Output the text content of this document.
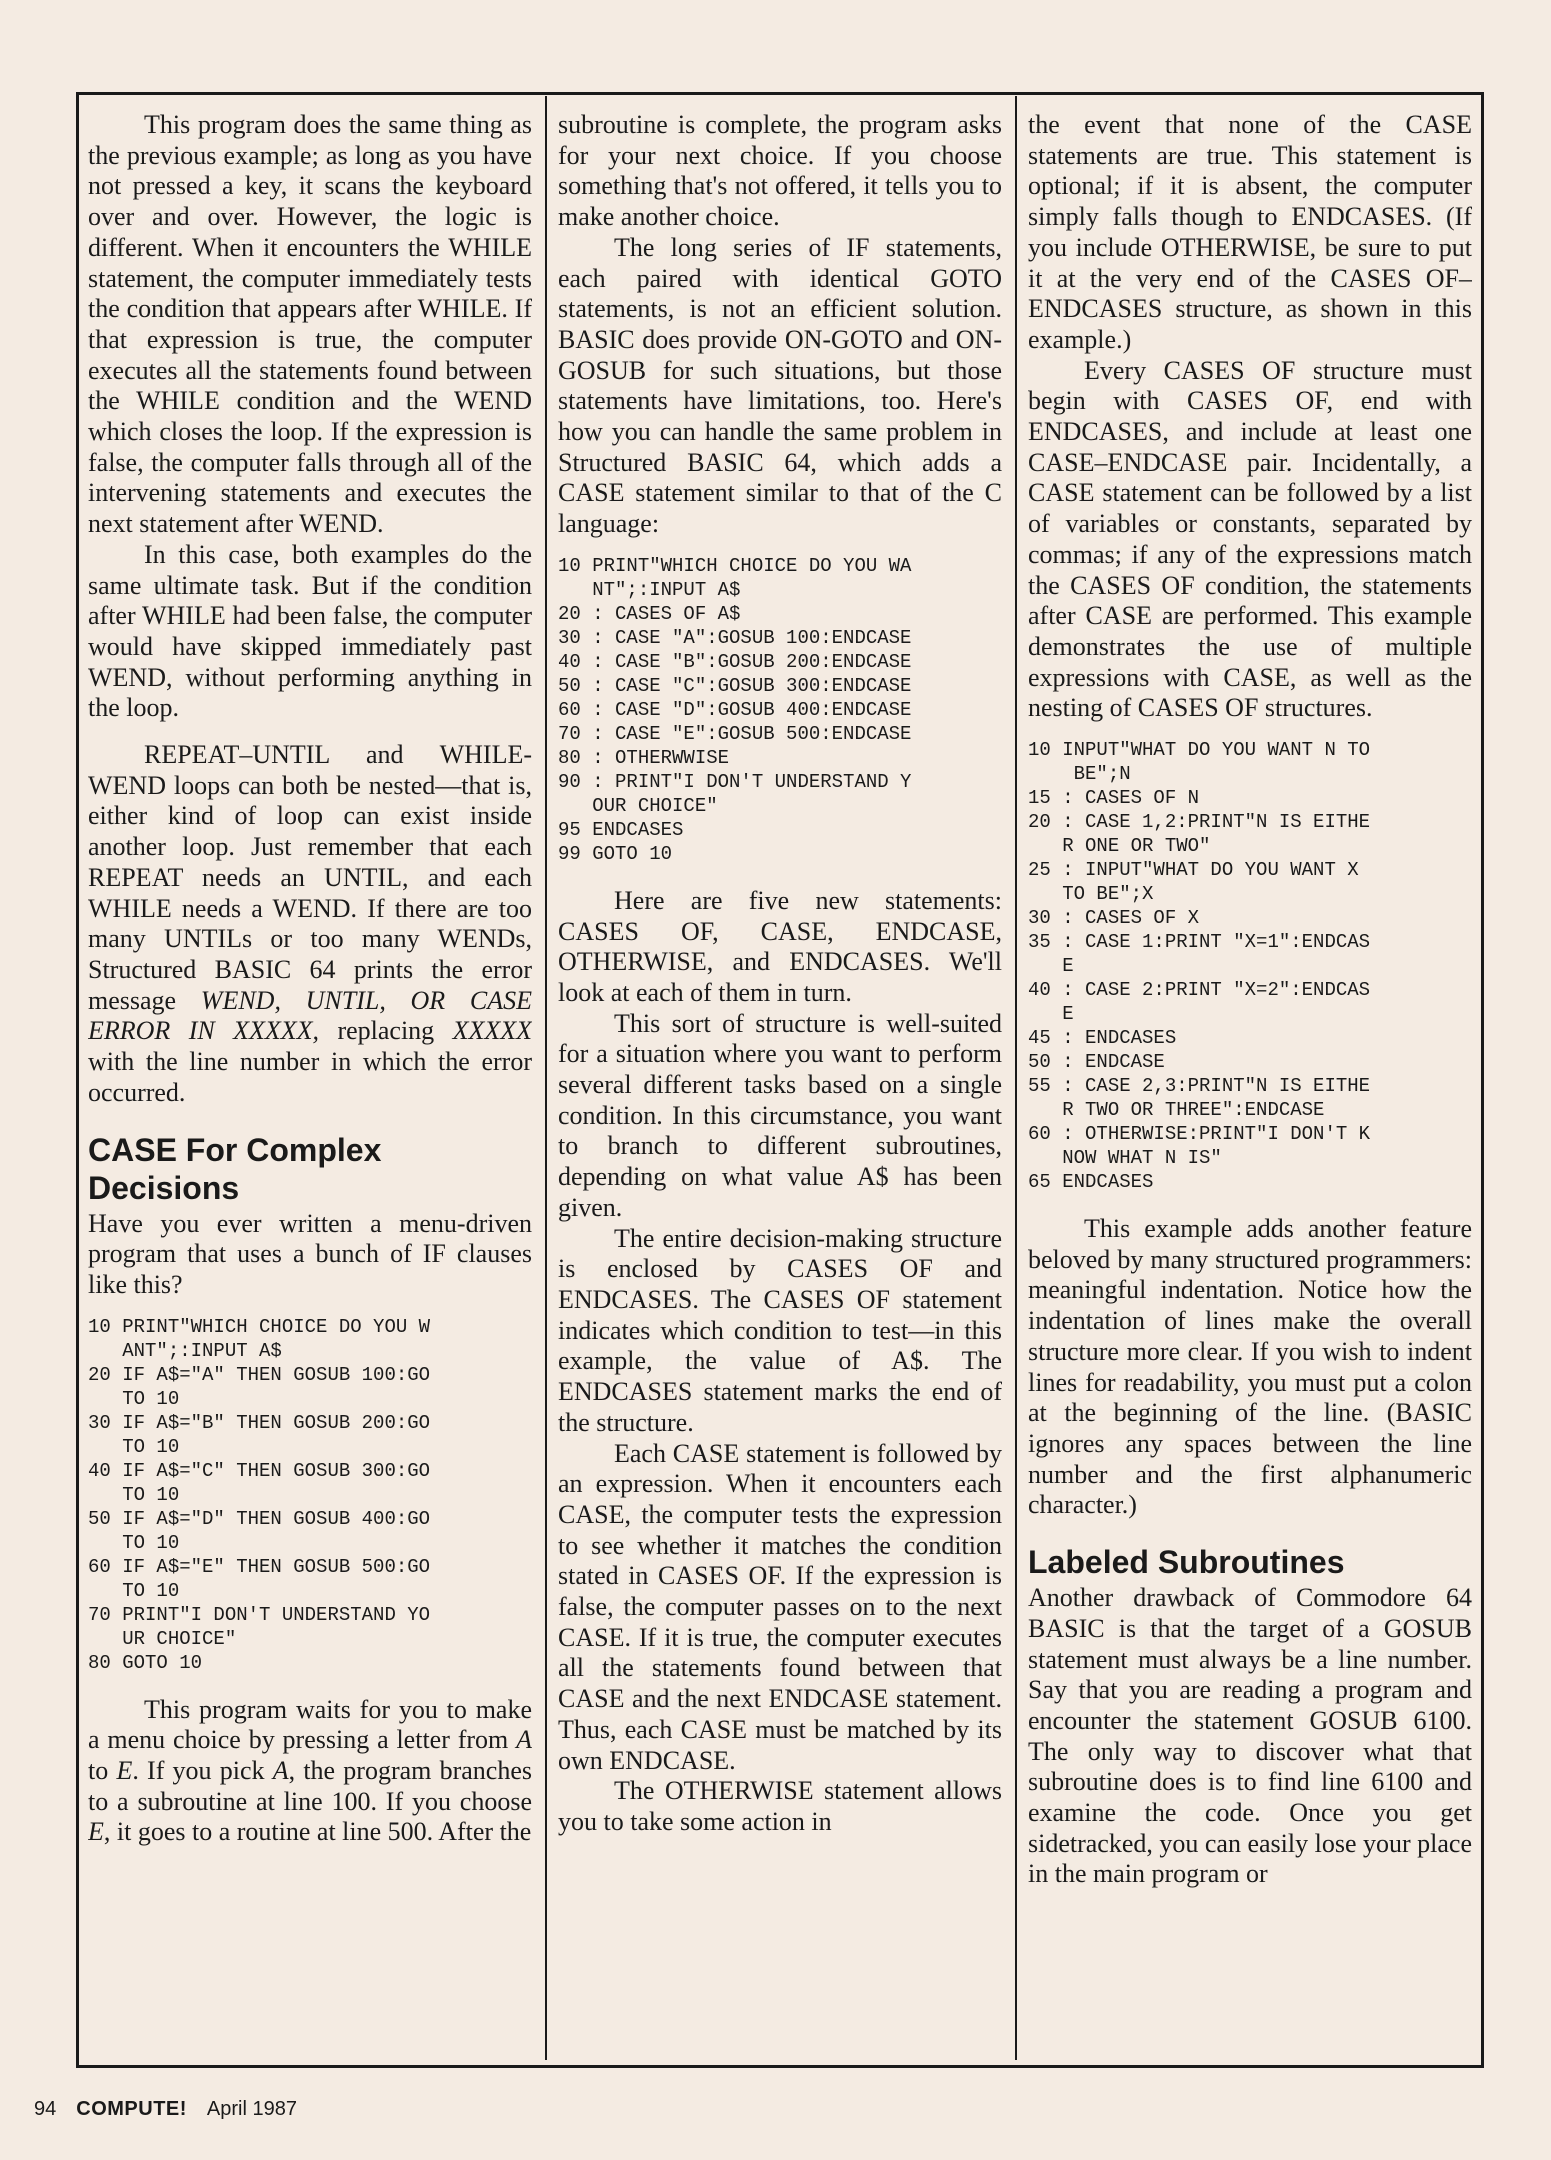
This program does the same thing as the previous example; as long as you have not pressed a key, it scans the keyboard over and over. However, the logic is different. When it encounters the WHILE statement, the computer immediately tests the condition that appears after WHILE. If that expression is true, the computer executes all the statements found between the WHILE condition and the WEND which closes the loop. If the expression is false, the computer falls through all of the intervening statements and executes the next statement after WEND.

In this case, both examples do the same ultimate task. But if the condition after WHILE had been false, the computer would have skipped immediately past WEND, without performing anything in the loop.

REPEAT–UNTIL and WHILE-WEND loops can both be nested—that is, either kind of loop can exist inside another loop. Just remember that each REPEAT needs an UNTIL, and each WHILE needs a WEND. If there are too many UNTILs or too many WENDs, Structured BASIC 64 prints the error message WEND, UNTIL, OR CASE ERROR IN XXXXX, replacing XXXXX with the line number in which the error occurred.

CASE For Complex Decisions

Have you ever written a menu-driven program that uses a bunch of IF clauses like this?

10 PRINT"WHICH CHOICE DO YOU W
ANT";:INPUT A$
20 IF A$="A" THEN GOSUB 100:GO
TO 10
30 IF A$="B" THEN GOSUB 200:GO
TO 10
40 IF A$="C" THEN GOSUB 300:GO
TO 10
50 IF A$="D" THEN GOSUB 400:GO
TO 10
60 IF A$="E" THEN GOSUB 500:GO
TO 10
70 PRINT"I DON'T UNDERSTAND YO
UR CHOICE"
80 GOTO 10

This program waits for you to make a menu choice by pressing a letter from A to E. If you pick A, the program branches to a subroutine at line 100. If you choose E, it goes to a routine at line 500. After the

subroutine is complete, the program asks for your next choice. If you choose something that's not offered, it tells you to make another choice.

The long series of IF statements, each paired with identical GOTO statements, is not an efficient solution. BASIC does provide ON-GOTO and ON-GOSUB for such situations, but those statements have limitations, too. Here's how you can handle the same problem in Structured BASIC 64, which adds a CASE statement similar to that of the C language:

10 PRINT"WHICH CHOICE DO YOU WA
NT";:INPUT A$
20 : CASES OF A$
30 : CASE "A":GOSUB 100:ENDCASE
40 : CASE "B":GOSUB 200:ENDCASE
50 : CASE "C":GOSUB 300:ENDCASE
60 : CASE "D":GOSUB 400:ENDCASE
70 : CASE "E":GOSUB 500:ENDCASE
80 : OTHERWWISE
90 : PRINT"I DON'T UNDERSTAND Y
OUR CHOICE"
95 ENDCASES
99 GOTO 10

Here are five new statements: CASES OF, CASE, ENDCASE, OTHERWISE, and ENDCASES. We'll look at each of them in turn.

This sort of structure is well-suited for a situation where you want to perform several different tasks based on a single condition. In this circumstance, you want to branch to different subroutines, depending on what value A$ has been given.

The entire decision-making structure is enclosed by CASES OF and ENDCASES. The CASES OF statement indicates which condition to test—in this example, the value of A$. The ENDCASES statement marks the end of the structure.

Each CASE statement is followed by an expression. When it encounters each CASE, the computer tests the expression to see whether it matches the condition stated in CASES OF. If the expression is false, the computer passes on to the next CASE. If it is true, the computer executes all the statements found between that CASE and the next ENDCASE statement. Thus, each CASE must be matched by its own ENDCASE.

The OTHERWISE statement allows you to take some action in

the event that none of the CASE statements are true. This statement is optional; if it is absent, the computer simply falls though to ENDCASES. (If you include OTHERWISE, be sure to put it at the very end of the CASES OF–ENDCASES structure, as shown in this example.)

Every CASES OF structure must begin with CASES OF, end with ENDCASES, and include at least one CASE–ENDCASE pair. Incidentally, a CASE statement can be followed by a list of variables or constants, separated by commas; if any of the expressions match the CASES OF condition, the statements after CASE are performed. This example demonstrates the use of multiple expressions with CASE, as well as the nesting of CASES OF structures.

10 INPUT"WHAT DO YOU WANT N TO
BE";N
15 : CASES OF N
20 : CASE 1,2:PRINT"N IS EITHE
R ONE OR TWO"
25 : INPUT"WHAT DO YOU WANT X
TO BE";X
30 : CASES OF X
35 : CASE 1:PRINT "X=1":ENDCAS
E
40 : CASE 2:PRINT "X=2":ENDCAS
E
45 : ENDCASES
50 : ENDCASE
55 : CASE 2,3:PRINT"N IS EITHE
R TWO OR THREE":ENDCASE
60 : OTHERWISE:PRINT"I DON'T K
NOW WHAT N IS"
65 ENDCASES

This example adds another feature beloved by many structured programmers: meaningful indentation. Notice how the indentation of lines make the overall structure more clear. If you wish to indent lines for readability, you must put a colon at the beginning of the line. (BASIC ignores any spaces between the line number and the first alphanumeric character.)

Labeled Subroutines

Another drawback of Commodore 64 BASIC is that the target of a GOSUB statement must always be a line number. Say that you are reading a program and encounter the statement GOSUB 6100. The only way to discover what that subroutine does is to find line 6100 and examine the code. Once you get sidetracked, you can easily lose your place in the main program or

94 COMPUTE! April 1987
